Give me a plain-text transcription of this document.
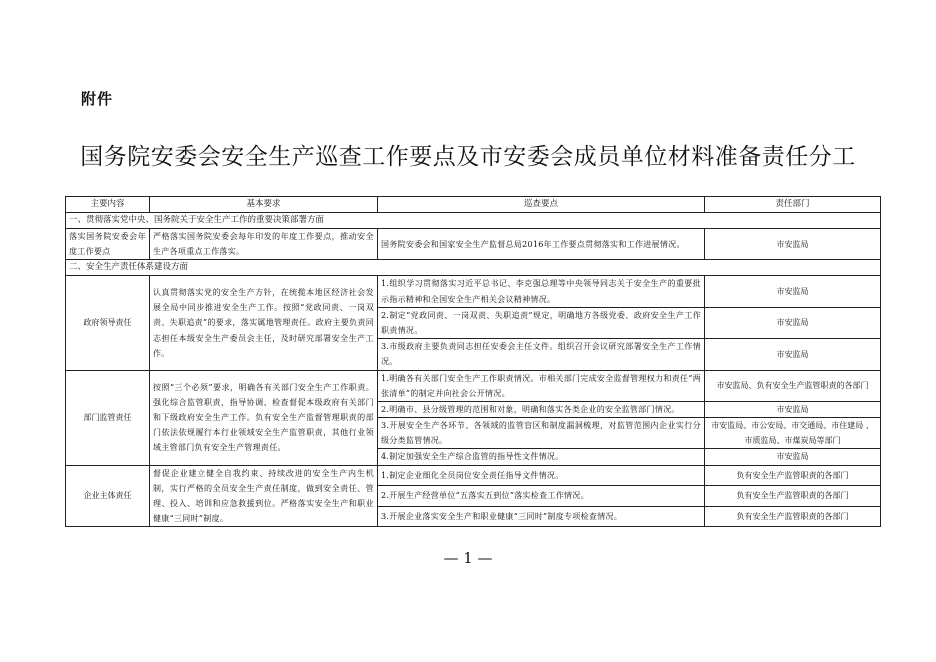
附件
国务院安委会安全生产巡查工作要点及市安委会成员单位材料准备责任分工
主要内容	基本要求	巡查要点	责任部门
一、贯彻落实党中央、国务院关于安全生产工作的重要决策部署方面			
落实国务院安委会年度工作要点	严格落实国务院安委会每年印发的年度工作要点，推动安全生产各项重点工作落实。	国务院安委会和国家安全生产监督总局2016年工作要点贯彻落实和工作进展情况。	市安监局
二、安全生产责任体系建设方面			
政府领导责任	认真贯彻落实党的安全生产方针，在统揽本地区经济社会发展全局中同步推进安全生产工作。按照“党政同责、一岗双责、失职追责”的要求，落实属地管理责任。政府主要负责同志担任本级安全生产委员会主任，及时研究部署安全生产工作。	1.组织学习贯彻落实习近平总书记、李克强总理等中央领导同志关于安全生产的重要批示指示精神和全国安全生产相关会议精神情况。	市安监局
		2.制定“党政同责、一岗双责、失职追责”规定，明确地方各级党委、政府安全生产工作职责情况。	市安监局
		3.市级政府主要负责同志担任安委会主任文件。组织召开会议研究部署安全生产工作情况。	市安监局
部门监管责任	按照“三个必须”要求，明确各有关部门安全生产工作职责。强化综合监管职责，指导协调、检查督促本级政府有关部门和下级政府安全生产工作。负有安全生产监督管理职责的部门依法依规履行本行业领域安全生产监管职责，其他行业领域主管部门负有安全生产管理责任。	1.明确各有关部门安全生产工作职责情况。市相关部门完成安全监督管理权力和责任“两张清单”的制定并向社会公开情况。	市安监局、负有安全生产监管职责的各部门
		2.明确市、县分级管理的范围和对象，明确和落实各类企业的安全监管部门情况。	市安监局
		3.开展安全生产各环节、各领域的监管盲区和制度漏洞梳理，对监管范围内企业实行分级分类监管情况。	市安监局、市公安局、市交通局、市住建局 、市质监局、市煤炭局等部门
		4.制定加强安全生产综合监管的指导性文件情况。	市安监局
企业主体责任	督促企业建立健全自我约束、持续改进的安全生产内生机制，实行严格的全员安全生产责任制度，做到安全责任、管理、投入、培训和应急救援到位。严格落实安全生产和职业健康“三同时”制度。	1.制定企业细化全员岗位安全责任指导文件情况。	负有安全生产监管职责的各部门
		2.开展生产经营单位“五落实五到位”落实检查工作情况。	负有安全生产监管职责的各部门
		3.开展企业落实安全生产和职业健康“三同时”制度专项检查情况。	负有安全生产监管职责的各部门
— 1 —
